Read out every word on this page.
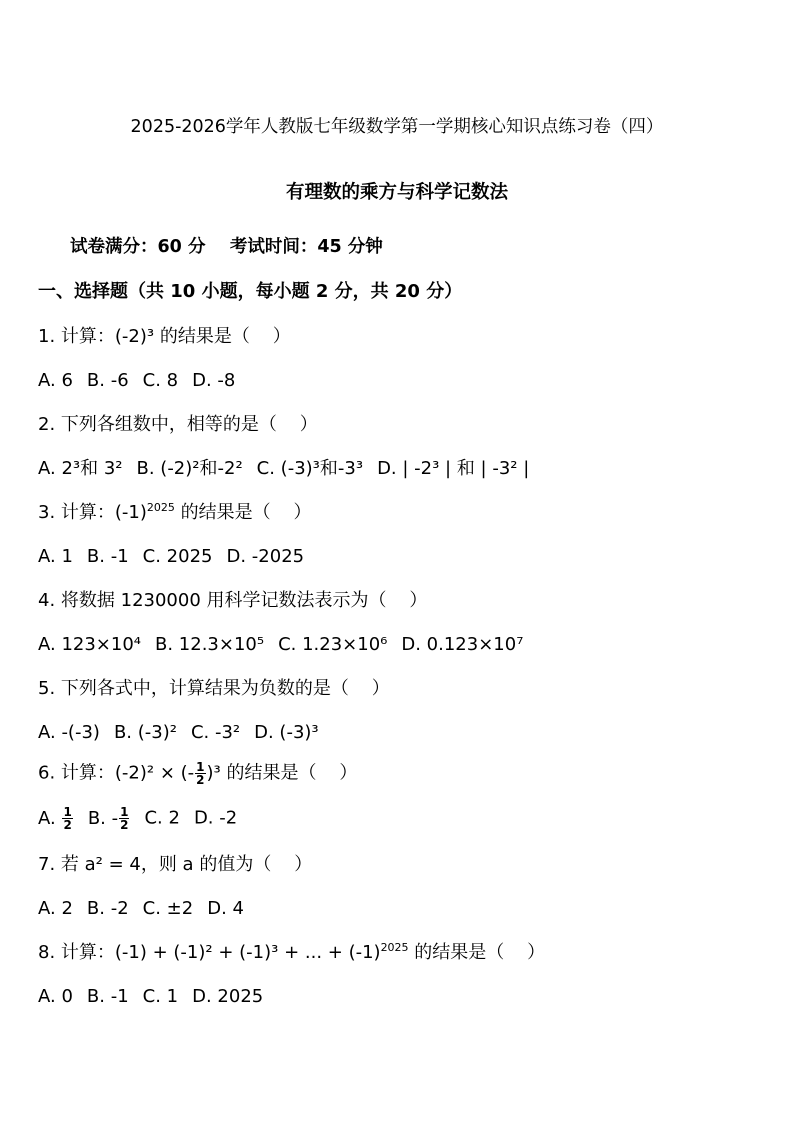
2025-2026学年人教版七年级数学第一学期核心知识点练习卷（四）
有理数的乘方与科学记数法
试卷满分：60 分 考试时间：45 分钟
一、选择题（共 10 小题，每小题 2 分，共 20 分）
1. 计算：(-2)³ 的结果是（    ）
A. 6 B. -6 C. 8 D. -8
2. 下列各组数中，相等的是（    ）
A. 2³和 3² B. (-2)²和-2² C. (-3)³和-3³ D. | -2³ | 和 | -3² |
3. 计算：$(-1)^{2025}$ 的结果是（    ）
A. 1 B. -1 C. 2025 D. -2025
4. 将数据 1230000 用科学记数法表示为（    ）
A. 123×10⁴ B. 12.3×10⁵ C. 1.23×10⁶ D. 0.123×10⁷
5. 下列各式中，计算结果为负数的是（    ）
A. -(-3) B. (-3)² C. -3² D. (-3)³
6. 计算：(-2)² × (- $\frac{1}{2} )^3$ 的结果是（    ）
A. $\frac{1}{2} B$. - $\frac{1}{2} C$. 2 D. -2
7. 若 a² = 4，则 a 的值为（    ）
A. 2 B. -2 C. ±2 D. 4
8. 计算：(-1) + (-1)² + (-1)³ + ... + $(-1)^{2025}$ 的结果是（    ）
A. 0 B. -1 C. 1 D. 2025
